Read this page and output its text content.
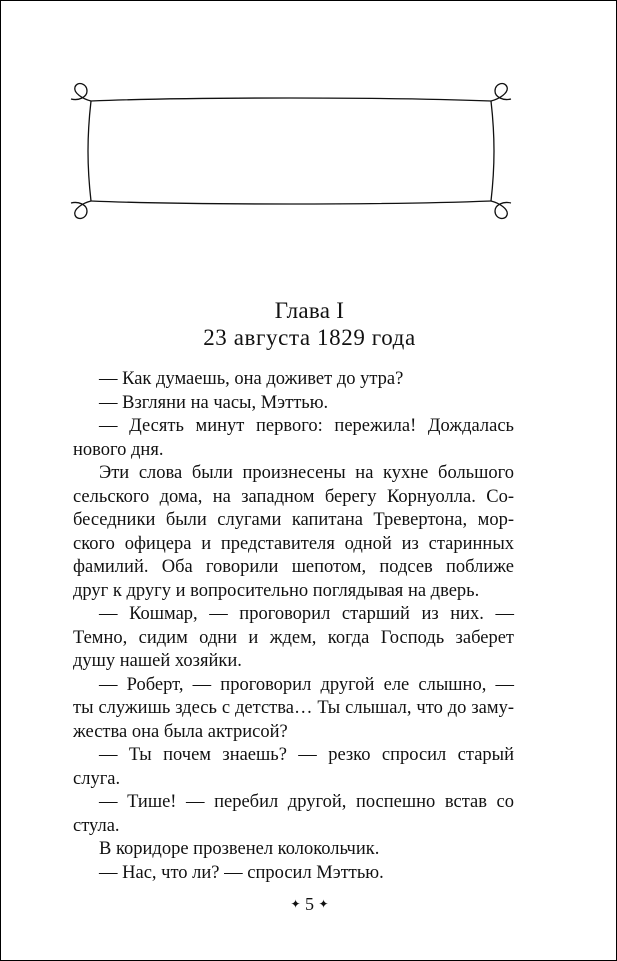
Глава I
23 августа 1829 года
— Как думаешь, она доживет до утра?
— Взгляни на часы, Мэттью.
— Десять минут первого: пережила! Дождалась
нового дня.
Эти слова были произнесены на кухне большого
сельского дома, на западном берегу Корнуолла. Со-
беседники были слугами капитана Тревертона, мор-
ского офицера и представителя одной из старинных
фамилий. Оба говорили шепотом, подсев поближе
друг к другу и вопросительно поглядывая на дверь.
— Кошмар, — проговорил старший из них. —
Темно, сидим одни и ждем, когда Господь заберет
душу нашей хозяйки.
— Роберт, — проговорил другой еле слышно, —
ты служишь здесь с детства… Ты слышал, что до заму-
жества она была актрисой?
— Ты почем знаешь? — резко спросил старый
слуга.
— Тише! — перебил другой, поспешно встав со
стула.
В коридоре прозвенел колокольчик.
— Нас, что ли? — спросил Мэттью.
✦ 5 ✦
